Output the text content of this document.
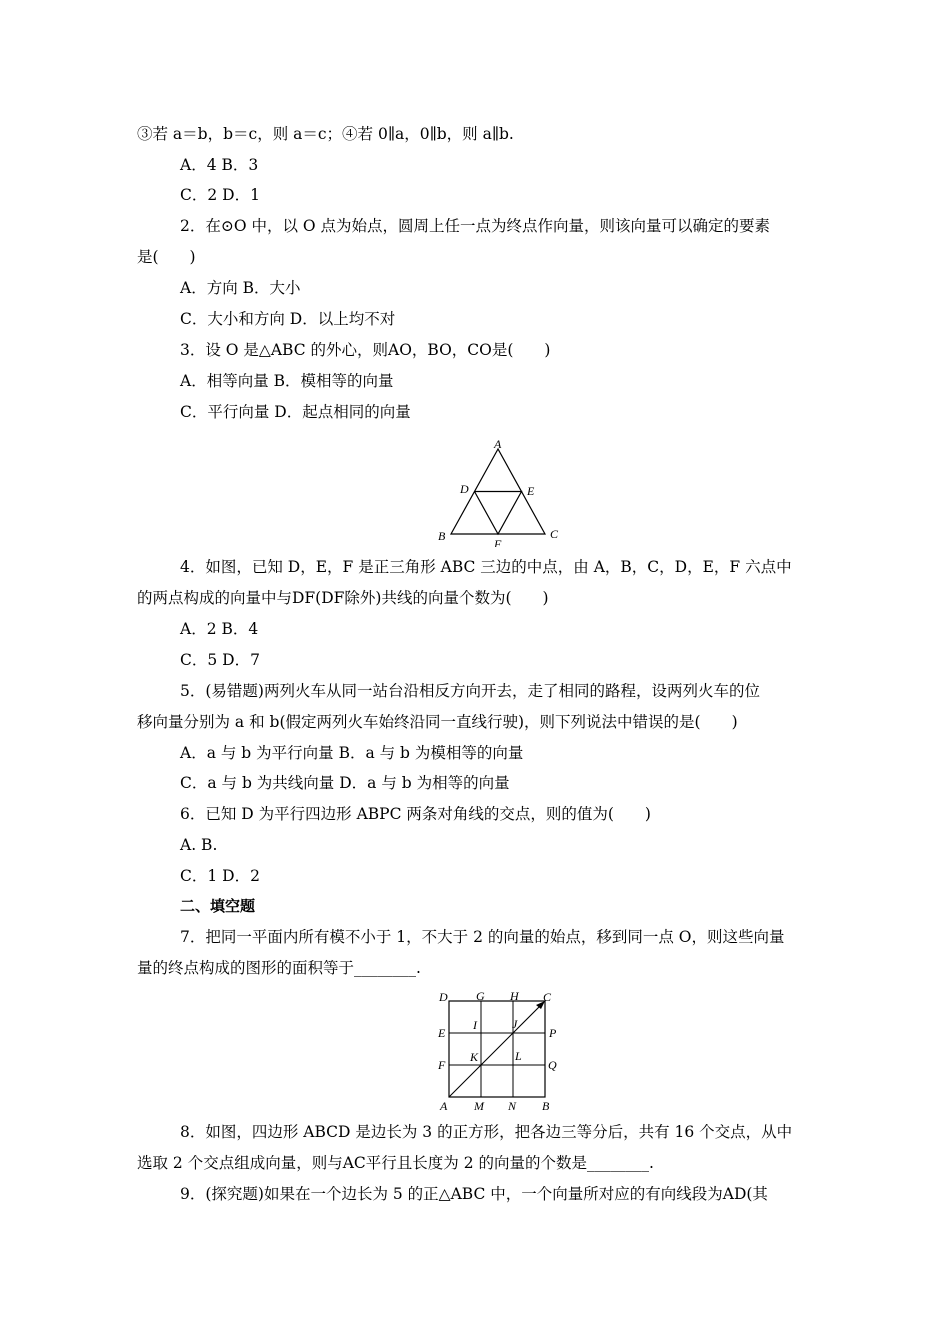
③若 a＝b，b＝c，则 a＝c；④若 0∥a，0∥b，则 a∥b.
A．4 B．3
C．2 D．1
2．在⊙O 中，以 O 点为始点，圆周上任一点为终点作向量，则该向量可以确定的要素
是(　　)
A．方向 B．大小
C．大小和方向 D．以上均不对
3．设 O 是△ABC 的外心，则AO，BO，CO是(　　)
A．相等向量 B．模相等的向量
C．平行向量 D．起点相同的向量
4．如图，已知 D，E，F 是正三角形 ABC 三边的中点，由 A，B，C，D，E，F 六点中
的两点构成的向量中与DF(DF除外)共线的向量个数为(　　)
A．2 B．4
C．5 D．7
5．(易错题)两列火车从同一站台沿相反方向开去，走了相同的路程，设两列火车的位
移向量分别为 a 和 b(假定两列火车始终沿同一直线行驶)，则下列说法中错误的是(　　)
A．a 与 b 为平行向量 B．a 与 b 为模相等的向量
C．a 与 b 为共线向量 D．a 与 b 为相等的向量
6．已知 D 为平行四边形 ABPC 两条对角线的交点，则的值为(　　)
A. B.
C．1 D．2
二、填空题
7．把同一平面内所有模不小于 1，不大于 2 的向量的始点，移到同一点 O，则这些向量
量的终点构成的图形的面积等于________.
8．如图，四边形 ABCD 是边长为 3 的正方形，把各边三等分后，共有 16 个交点，从中
选取 2 个交点组成向量，则与AC平行且长度为 2 的向量的个数是________.
9．(探究题)如果在一个边长为 5 的正△ABC 中，一个向量所对应的有向线段为AD(其
A
B	C
D	E
F
D G H C
E
I	J
P
F
K	L
Q
A M N B
